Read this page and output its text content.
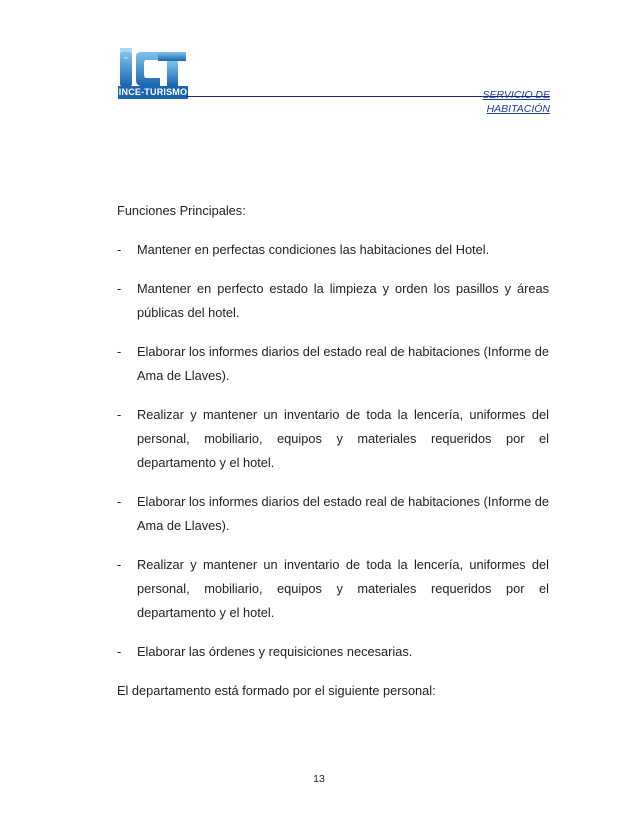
INCE-TURISMO	SERVICIO DE
HABITACIÓN

Funciones Principales:

-	Mantener en perfectas condiciones las habitaciones del Hotel.
-	Mantener en perfecto estado la limpieza y orden los pasillos y áreas públicas del hotel.
-	Elaborar los informes diarios del estado real de habitaciones (Informe de Ama de Llaves).
-	Realizar y mantener un inventario de toda la lencería, uniformes del personal, mobiliario, equipos y materiales requeridos por el departamento y el hotel.
-	Elaborar los informes diarios del estado real de habitaciones (Informe de Ama de Llaves).
-	Realizar y mantener un inventario de toda la lencería, uniformes del personal, mobiliario, equipos y materiales requeridos por el departamento y el hotel.
-	Elaborar las órdenes y requisiciones necesarias.

El departamento está formado por el siguiente personal:

13
